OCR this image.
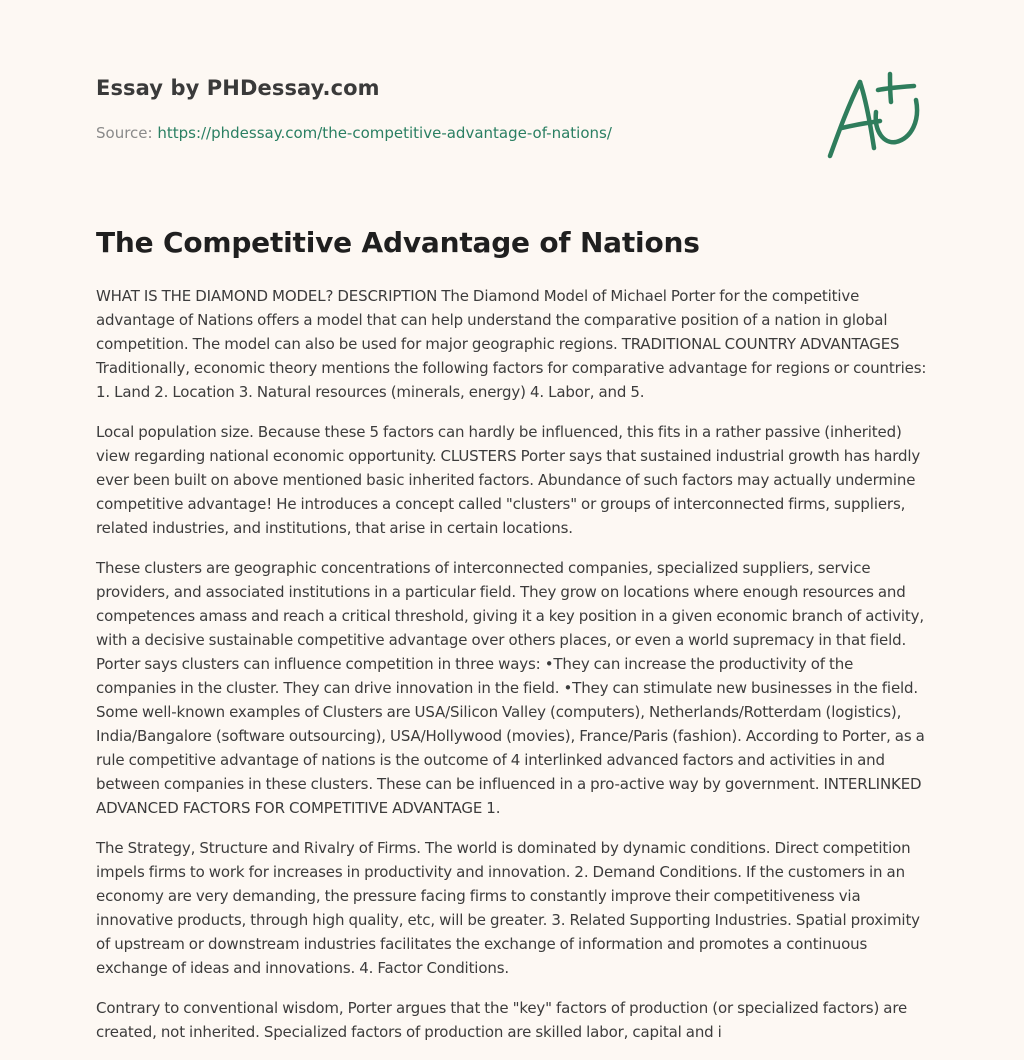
Essay by PHDessay.com
Source: https://phdessay.com/the-competitive-advantage-of-nations/
The Competitive Advantage of Nations

WHAT IS THE DIAMOND MODEL? DESCRIPTION The Diamond Model of Michael Porter for the competitive advantage of Nations offers a model that can help understand the comparative position of a nation in global competition. The model can also be used for major geographic regions. TRADITIONAL COUNTRY ADVANTAGES Traditionally, economic theory mentions the following factors for comparative advantage for regions or countries: 1. Land 2. Location 3. Natural resources (minerals, energy) 4. Labor, and 5.

Local population size. Because these 5 factors can hardly be influenced, this fits in a rather passive (inherited) view regarding national economic opportunity. CLUSTERS Porter says that sustained industrial growth has hardly ever been built on above mentioned basic inherited factors. Abundance of such factors may actually undermine competitive advantage! He introduces a concept called "clusters" or groups of interconnected firms, suppliers, related industries, and institutions, that arise in certain locations.

These clusters are geographic concentrations of interconnected companies, specialized suppliers, service providers, and associated institutions in a particular field. They grow on locations where enough resources and competences amass and reach a critical threshold, giving it a key position in a given economic branch of activity, with a decisive sustainable competitive advantage over others places, or even a world supremacy in that field. Porter says clusters can influence competition in three ways: •They can increase the productivity of the companies in the cluster. They can drive innovation in the field. •They can stimulate new businesses in the field. Some well-known examples of Clusters are USA/Silicon Valley (computers), Netherlands/Rotterdam (logistics), India/Bangalore (software outsourcing), USA/Hollywood (movies), France/Paris (fashion). According to Porter, as a rule competitive advantage of nations is the outcome of 4 interlinked advanced factors and activities in and between companies in these clusters. These can be influenced in a pro-active way by government. INTERLINKED ADVANCED FACTORS FOR COMPETITIVE ADVANTAGE 1.

The Strategy, Structure and Rivalry of Firms. The world is dominated by dynamic conditions. Direct competition impels firms to work for increases in productivity and innovation. 2. Demand Conditions. If the customers in an economy are very demanding, the pressure facing firms to constantly improve their competitiveness via innovative products, through high quality, etc, will be greater. 3. Related Supporting Industries. Spatial proximity of upstream or downstream industries facilitates the exchange of information and promotes a continuous exchange of ideas and innovations. 4. Factor Conditions.

Contrary to conventional wisdom, Porter argues that the "key" factors of production (or specialized factors) are created, not inherited. Specialized factors of production are skilled labor, capital and i
